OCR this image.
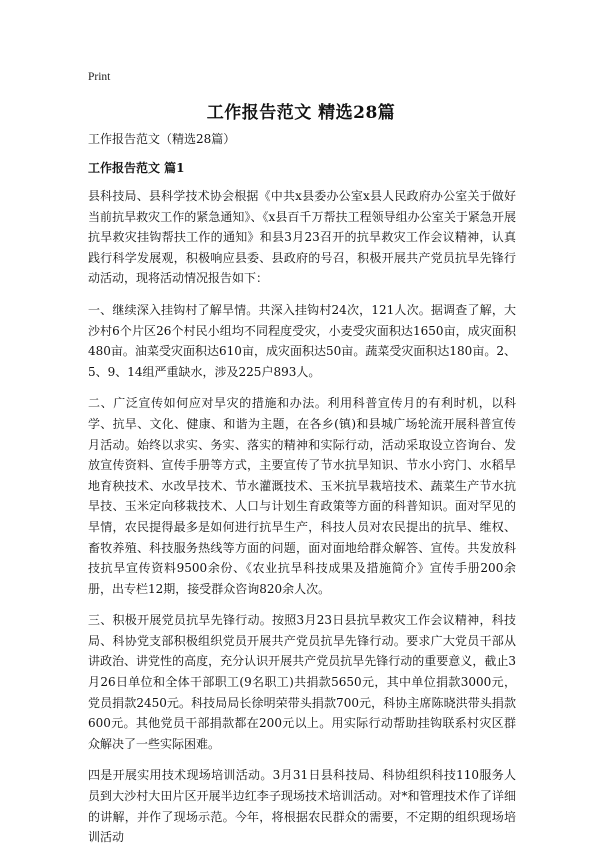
Print
工作报告范文 精选28篇

工作报告范文（精选28篇）

工作报告范文 篇1

县科技局、县科学技术协会根据《中共x县委办公室x县人民政府办公室关于做好当前抗旱救灾工作的紧急通知》、《x县百千万帮扶工程领导组办公室关于紧急开展抗旱救灾挂钩帮扶工作的通知》和县3月23召开的抗旱救灾工作会议精神，认真践行科学发展观，积极响应县委、县政府的号召，积极开展共产党员抗旱先锋行动活动，现将活动情况报告如下：

一、继续深入挂钩村了解旱情。共深入挂钩村24次，121人次。据调查了解，大沙村6个片区26个村民小组均不同程度受灾，小麦受灾面积达1650亩，成灾面积480亩。油菜受灾面积达610亩，成灾面积达50亩。蔬菜受灾面积达180亩。2、5、9、14组严重缺水，涉及225户893人。

二、广泛宣传如何应对旱灾的措施和办法。利用科普宣传月的有利时机，以科学、抗旱、文化、健康、和谐为主题，在各乡(镇)和县城广场轮流开展科普宣传月活动。始终以求实、务实、落实的精神和实际行动，活动采取设立咨询台、发放宣传资料、宣传手册等方式，主要宣传了节水抗旱知识、节水小窍门、水稻旱地育秧技术、水改旱技术、节水灌溉技术、玉米抗旱栽培技术、蔬菜生产节水抗旱技、玉米定向移栽技术、人口与计划生育政策等方面的科普知识。面对罕见的旱情，农民提得最多是如何进行抗旱生产，科技人员对农民提出的抗旱、维权、畜牧养殖、科技服务热线等方面的问题，面对面地给群众解答、宣传。共发放科技抗旱宣传资料9500余份、《农业抗旱科技成果及措施简介》宣传手册200余册，出专栏12期，接受群众咨询820余人次。

三、积极开展党员抗旱先锋行动。按照3月23日县抗旱救灾工作会议精神，科技局、科协党支部积极组织党员开展共产党员抗旱先锋行动。要求广大党员干部从讲政治、讲党性的高度，充分认识开展共产党员抗旱先锋行动的重要意义，截止3月26日单位和全体干部职工(9名职工)共捐款5650元，其中单位捐款3000元，党员捐款2450元。科技局局长徐明荣带头捐款700元，科协主席陈晓洪带头捐款600元。其他党员干部捐款都在200元以上。用实际行动帮助挂钩联系村灾区群众解决了一些实际困难。

四是开展实用技术现场培训活动。3月31日县科技局、科协组织科技110服务人员到大沙村大田片区开展半边红李子现场技术培训活动。对*和管理技术作了详细的讲解，并作了现场示范。今年，将根据农民群众的需要，不定期的组织现场培训活动
